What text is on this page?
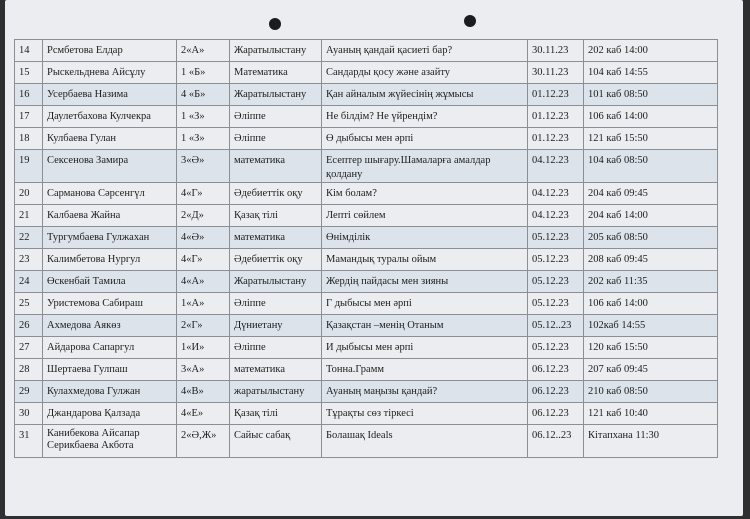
14	Рсмбетова Елдар	2«А»	Жаратылыстану	Ауаның қандай қасиеті бар?	30.11.23	202 каб 14:00
15	Рыскельднева Айсұлу	1 «Б»	Математика	Сандарды қосу және азайту	30.11.23	104 каб 14:55
16	Усербаева Назима	4 «Б»	Жаратылыстану	Қан айналым жүйесінің жұмысы	01.12.23	101 каб 08:50
17	Даулетбахова Кулчекра	1 «З»	Әліппе	Не білдім? Не үйрендім?	01.12.23	106 каб 14:00
18	Кулбаева Гулан	1 «З»	Әліппе	Ө дыбысы мен әрпі	01.12.23	121 каб 15:50
19	Сексенова Замира	3«Ә»	математика	Есептер шығару.Шамаларға амалдар қолдану	04.12.23	104 каб 08:50
20	Сарманова Сәрсенгүл	4«Г»	Әдебиеттік оқу	Кім болам?	04.12.23	204 каб 09:45
21	Калбаева Жайна	2«Д»	Қазақ тілі	Лепті сөйлем	04.12.23	204 каб 14:00
22	Тургумбаева Гулжахан	4«Ә»	математика	Өнімділік	05.12.23	205 каб 08:50
23	Калимбетова Нургул	4«Г»	Әдебиеттік оқу	Мамандық туралы ойым	05.12.23	208 каб 09:45
24	Өскенбай Тамила	4«А»	Жаратылыстану	Жердің пайдасы мен зияны	05.12.23	202 каб 11:35
25	Уристемова Сабираш	1«А»	Әліппе	Г дыбысы мен әрпі	05.12.23	106 каб 14:00
26	Ахмедова Аякөз	2«Г»	Дүниетану	Қазақстан –менің Отаным	05.12..23	102каб 14:55
27	Айдарова Сапаргул	1«И»	Әліппе	И дыбысы мен әрпі	05.12.23	120 каб 15:50
28	Шертаева Гулпаш	3«А»	математика	Тонна.Грамм	06.12.23	207 каб 09:45
29	Кулахмедова Гулжан	4«В»	жаратылыстану	Ауаның маңызы қандай?	06.12.23	210 каб 08:50
30	Джандарова Қалзада	4«Е»	Қазақ тілі	Тұрақты сөз тіркесі	06.12.23	121 каб 10:40
31	Канибекова Айсапар
Серикбаева Акбота	2«Ә,Ж»	Сайыс сабақ	Болашақ Ideals	06.12..23	Кітапхана 11:30
